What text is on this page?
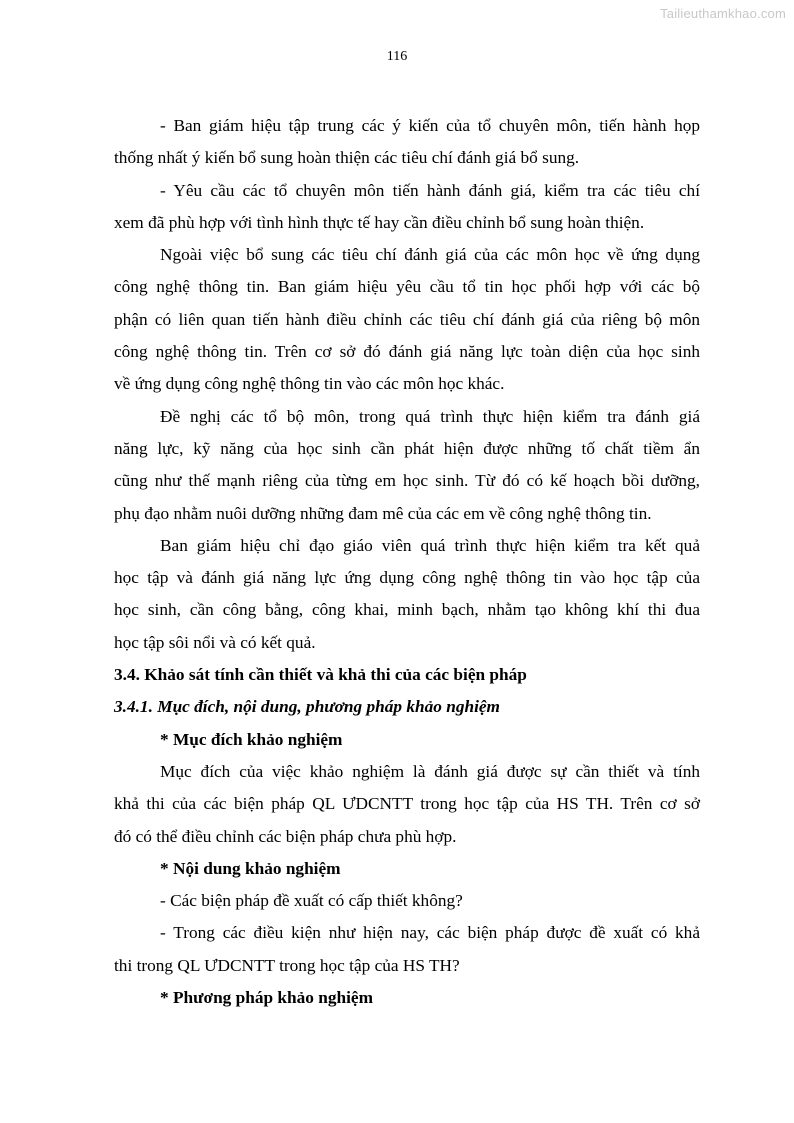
Tailieuthamkhao.com
116
- Ban giám hiệu tập trung các ý kiến của tổ chuyên môn, tiến hành họp
thống nhất ý kiến bổ sung hoàn thiện các tiêu chí đánh giá bổ sung.
- Yêu cầu các tổ chuyên môn tiến hành đánh giá, kiểm tra các tiêu chí
xem đã phù hợp với tình hình thực tế hay cần điều chỉnh bổ sung hoàn thiện.
Ngoài việc bổ sung các tiêu chí đánh giá của các môn học về ứng dụng
công nghệ thông tin. Ban giám hiệu yêu cầu tổ tin học phối hợp với các bộ
phận có liên quan tiến hành điều chỉnh các tiêu chí đánh giá của riêng bộ môn
công nghệ thông tin. Trên cơ sở đó đánh giá năng lực toàn diện của học sinh
về ứng dụng công nghệ thông tin vào các môn học khác.
Đề nghị các tổ bộ môn, trong quá trình thực hiện kiểm tra đánh giá
năng lực, kỹ năng của học sinh cần phát hiện được những tố chất tiềm ẩn
cũng như thế mạnh riêng của từng em học sinh. Từ đó có kế hoạch bồi dưỡng,
phụ đạo nhằm nuôi dưỡng những đam mê của các em về công nghệ thông tin.
Ban giám hiệu chỉ đạo giáo viên quá trình thực hiện kiểm tra kết quả
học tập và đánh giá năng lực ứng dụng công nghệ thông tin vào học tập của
học sinh, cần công bằng, công khai, minh bạch, nhằm tạo không khí thi đua
học tập sôi nổi và có kết quả.
3.4. Khảo sát tính cần thiết và khả thi của các biện pháp
3.4.1. Mục đích, nội dung, phương pháp khảo nghiệm
* Mục đích khảo nghiệm
Mục đích của việc khảo nghiệm là đánh giá được sự cần thiết và tính
khả thi của các biện pháp QL ƯDCNTT trong học tập của HS TH. Trên cơ sở
đó có thể điều chỉnh các biện pháp chưa phù hợp.
* Nội dung khảo nghiệm
- Các biện pháp đề xuất có cấp thiết không?
- Trong các điều kiện như hiện nay, các biện pháp được đề xuất có khả
thi trong QL ƯDCNTT trong học tập của HS TH?
* Phương pháp khảo nghiệm
